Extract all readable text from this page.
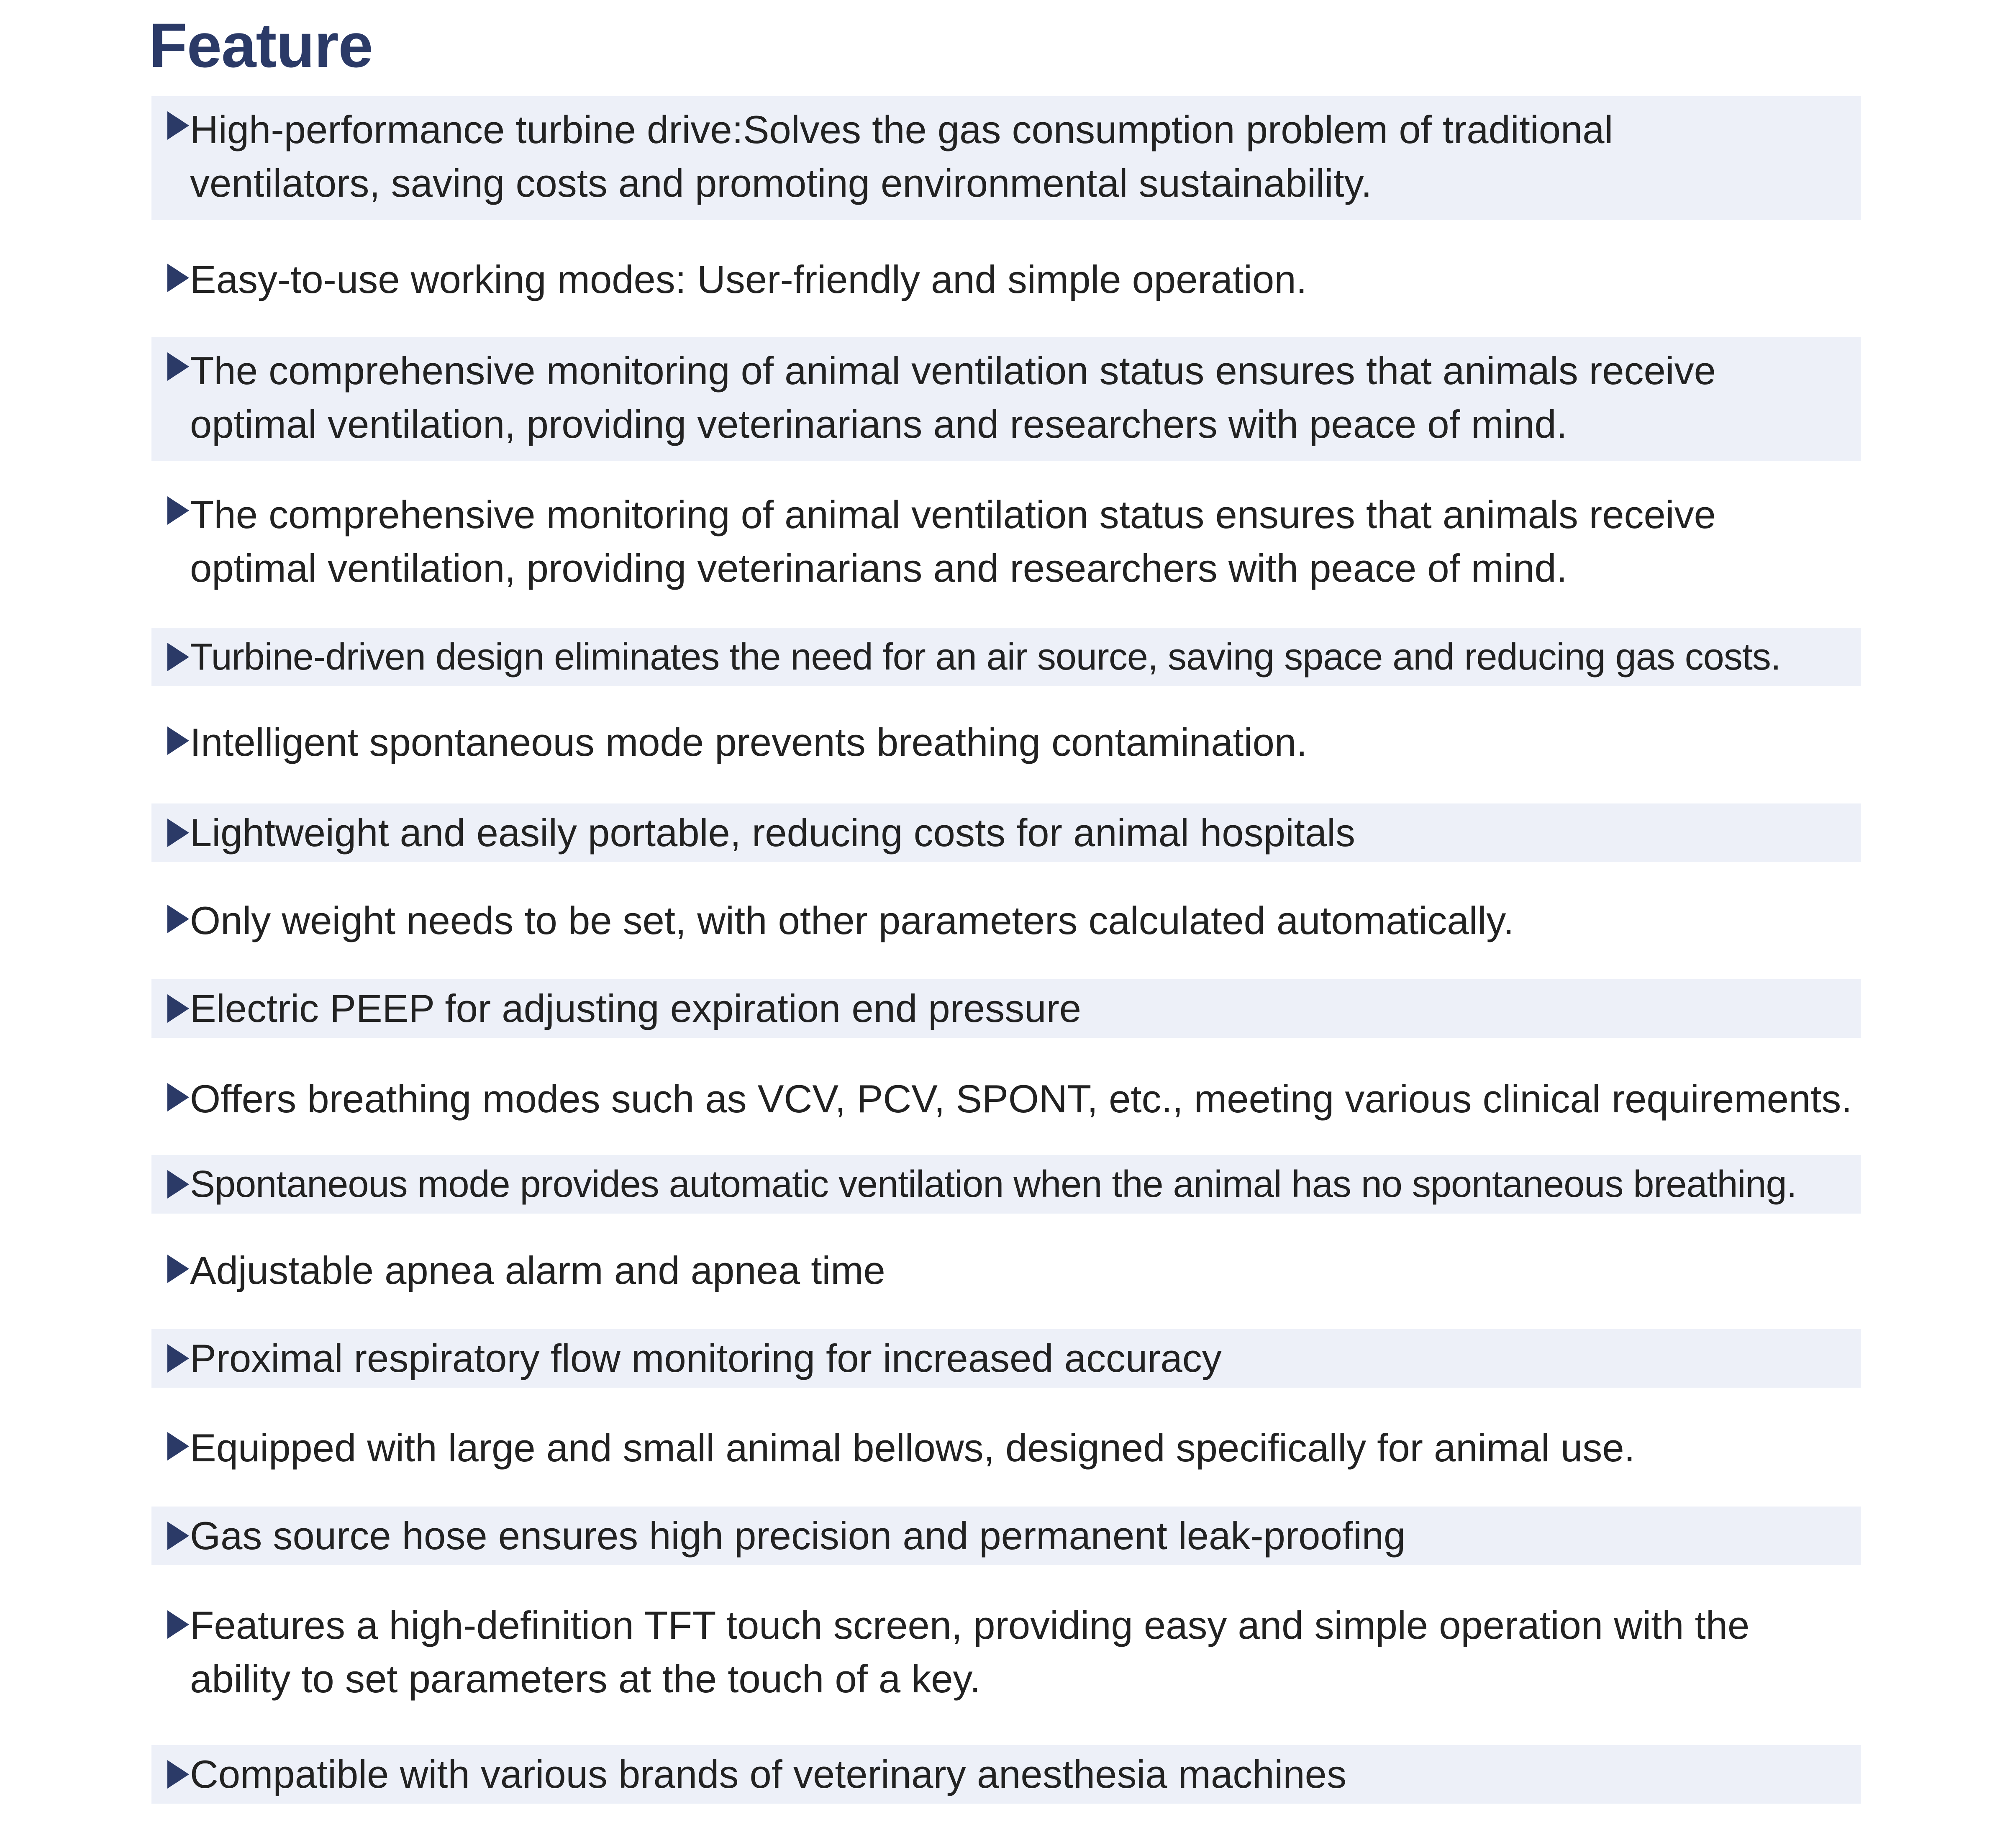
Feature
High-performance turbine drive:Solves the gas consumption problem of traditional
ventilators, saving costs and promoting environmental sustainability.
Easy-to-use working modes: User-friendly and simple operation.
The comprehensive monitoring of animal ventilation status ensures that animals receive
optimal ventilation, providing veterinarians and researchers with peace of mind.
The comprehensive monitoring of animal ventilation status ensures that animals receive
optimal ventilation, providing veterinarians and researchers with peace of mind.
Turbine-driven design eliminates the need for an air source, saving space and reducing gas costs.
Intelligent spontaneous mode prevents breathing contamination.
Lightweight and easily portable, reducing costs for animal hospitals
Only weight needs to be set, with other parameters calculated automatically.
Electric PEEP for adjusting expiration end pressure
Offers breathing modes such as VCV, PCV, SPONT, etc., meeting various clinical requirements.
Spontaneous mode provides automatic ventilation when the animal has no spontaneous breathing.
Adjustable apnea alarm and apnea time
Proximal respiratory flow monitoring for increased accuracy
Equipped with large and small animal bellows, designed specifically for animal use.
Gas source hose ensures high precision and permanent leak-proofing
Features a high-definition TFT touch screen, providing easy and simple operation with the
ability to set parameters at the touch of a key.
Compatible with various brands of veterinary anesthesia machines
